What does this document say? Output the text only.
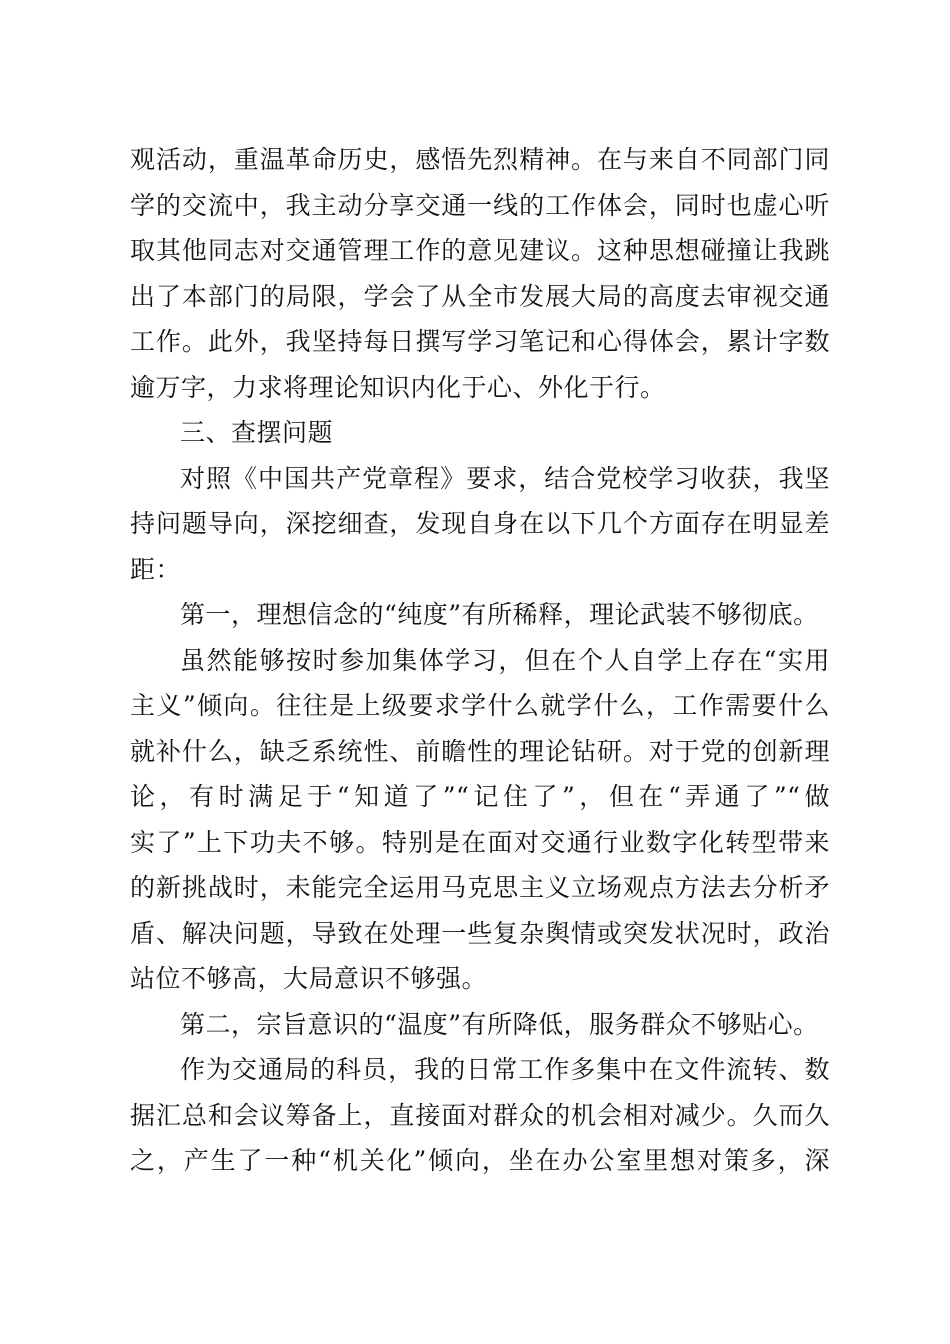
观活动，重温革命历史，感悟先烈精神。在与来自不同部门同
学的交流中，我主动分享交通一线的工作体会，同时也虚心听
取其他同志对交通管理工作的意见建议。这种思想碰撞让我跳
出了本部门的局限，学会了从全市发展大局的高度去审视交通
工作。此外，我坚持每日撰写学习笔记和心得体会，累计字数
逾万字，力求将理论知识内化于心、外化于行。
三、查摆问题
对照《中国共产党章程》要求，结合党校学习收获，我坚
持问题导向，深挖细查，发现自身在以下几个方面存在明显差
距：
第一，理想信念的“纯度”有所稀释，理论武装不够彻底。
虽然能够按时参加集体学习，但在个人自学上存在“实用
主义”倾向。往往是上级要求学什么就学什么，工作需要什么
就补什么，缺乏系统性、前瞻性的理论钻研。对于党的创新理
论，有时满足于“知道了”“记住了”，但在“弄通了”“做
实了”上下功夫不够。特别是在面对交通行业数字化转型带来
的新挑战时，未能完全运用马克思主义立场观点方法去分析矛
盾、解决问题，导致在处理一些复杂舆情或突发状况时，政治
站位不够高，大局意识不够强。
第二，宗旨意识的“温度”有所降低，服务群众不够贴心。
作为交通局的科员，我的日常工作多集中在文件流转、数
据汇总和会议筹备上，直接面对群众的机会相对减少。久而久
之，产生了一种“机关化”倾向，坐在办公室里想对策多，深
